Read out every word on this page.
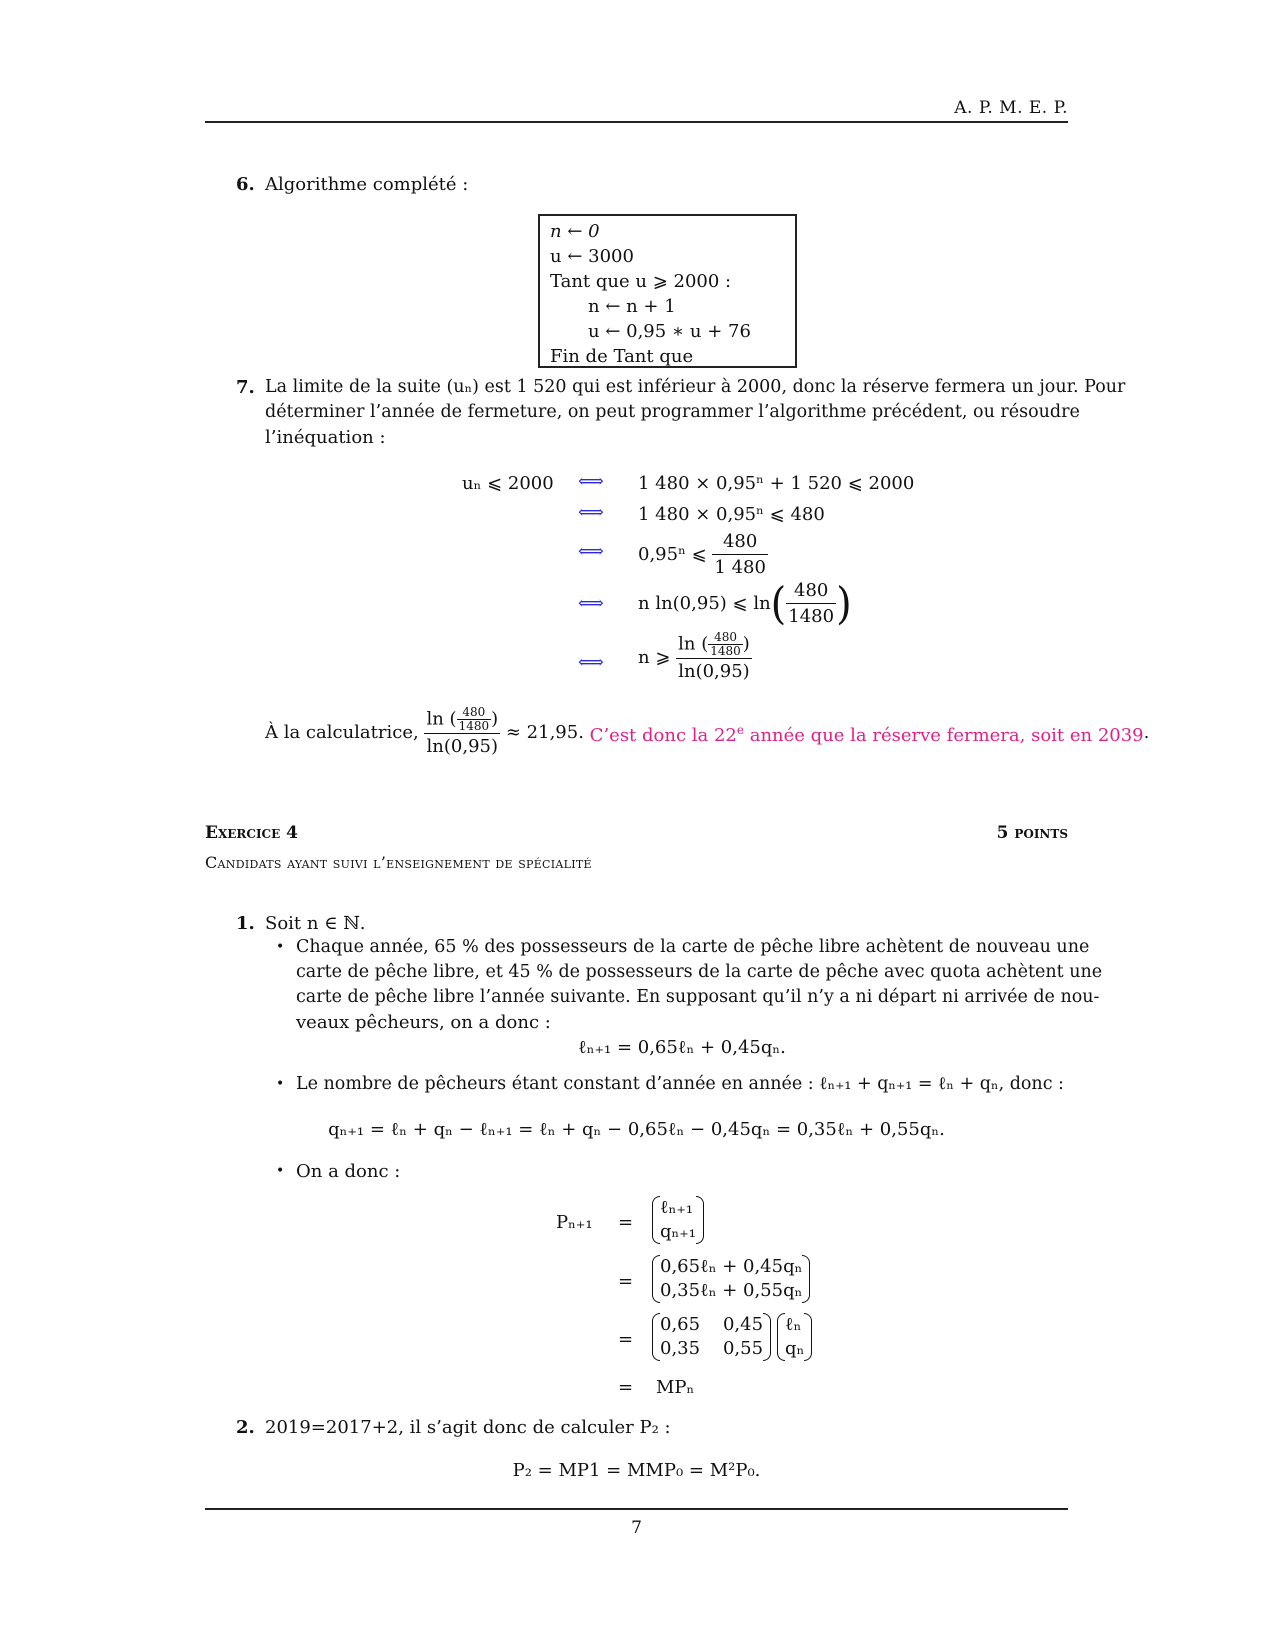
A. P. M. E. P.
6. Algorithme complété :
n ← 0
u ← 3000
Tant que u ⩾ 2000 :
n ← n + 1
u ← 0,95 ∗ u + 76
Fin de Tant que
7. La limite de la suite (uₙ) est 1 520 qui est inférieur à 2000, donc la réserve fermera un jour. Pour
déterminer l’année de fermeture, on peut programmer l’algorithme précédent, ou résoudre
l’inéquation :
uₙ ⩽ 2000 ⟺ 1 480 × 0,95ⁿ + 1 520 ⩽ 2000
⟺ 1 480 × 0,95ⁿ ⩽ 480
⟺ 0,95ⁿ ⩽
$\frac{480}{1 480}$
⟺ n ln(0,95) ⩽ ln ( $\frac{480}{1480}$ )
⟺ n ⩾
$\frac{\ln ( \frac{480}{1480} )}{\ln(0,95)}$
À la calculatrice,
$\frac{\ln ( \frac{480}{1480} )}{\ln(0,95)}$
≈ 21,95.
C’est donc la 22e année que la réserve fermera, soit en 2039 .
Exercice 4	5 points
Candidats ayant suivi l’enseignement de spécialité
1. Soit n ∈ ℕ.
• Chaque année, 65 % des possesseurs de la carte de pêche libre achètent de nouveau une
carte de pêche libre, et 45 % de possesseurs de la carte de pêche avec quota achètent une
carte de pêche libre l’année suivante. En supposant qu’il n’y a ni départ ni arrivée de nou-
veaux pêcheurs, on a donc :
ℓₙ₊₁ = 0,65ℓₙ + 0,45qₙ.
• Le nombre de pêcheurs étant constant d’année en année : ℓₙ₊₁ + qₙ₊₁ = ℓₙ + qₙ, donc :
qₙ₊₁ = ℓₙ + qₙ − ℓₙ₊₁ = ℓₙ + qₙ − 0,65ℓₙ − 0,45qₙ = 0,35ℓₙ + 0,55qₙ.
• On a donc :
Pₙ₊₁ =
ℓₙ₊₁
qₙ₊₁
=
0,65ℓₙ + 0,45qₙ
0,35ℓₙ + 0,55qₙ
=
0,65 0,45
0,35 0,55
ℓₙ
qₙ
= MPₙ
2. 2019=2017+2, il s’agit donc de calculer P₂ :
P₂ = MP1 = MMP₀ = M²P₀.
7
